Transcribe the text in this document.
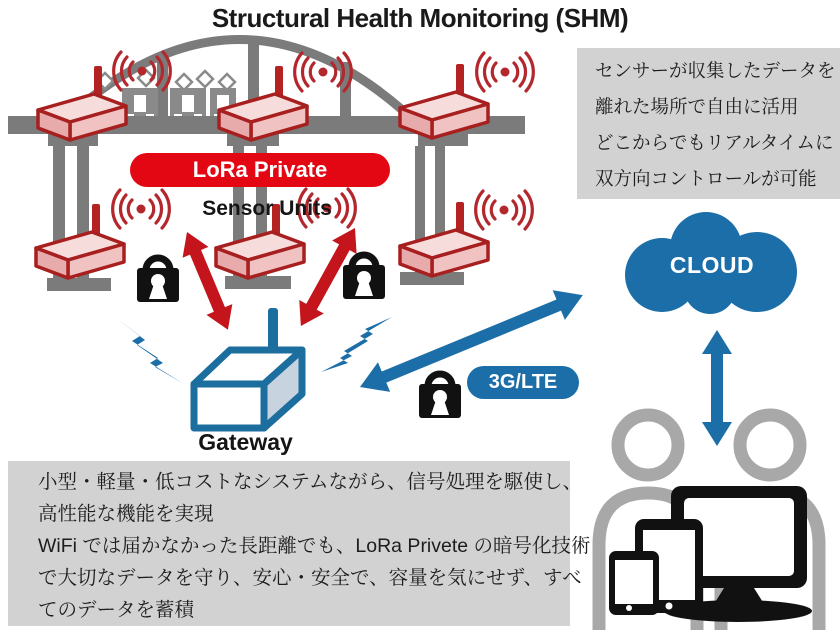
Structural Health Monitoring (SHM)
LoRa Private
Sensor Units
Gateway
CLOUD
3G/LTE
センサーが収集したデータを
離れた場所で自由に活用
どこからでもリアルタイムに
双方向コントロールが可能
小型・軽量・低コストなシステムながら、信号処理を駆使し、
高性能な機能を実現
WiFi では届かなかった長距離でも、LoRa Privete の暗号化技術
で大切なデータを守り、安心・安全で、容量を気にせず、すべ
てのデータを蓄積
